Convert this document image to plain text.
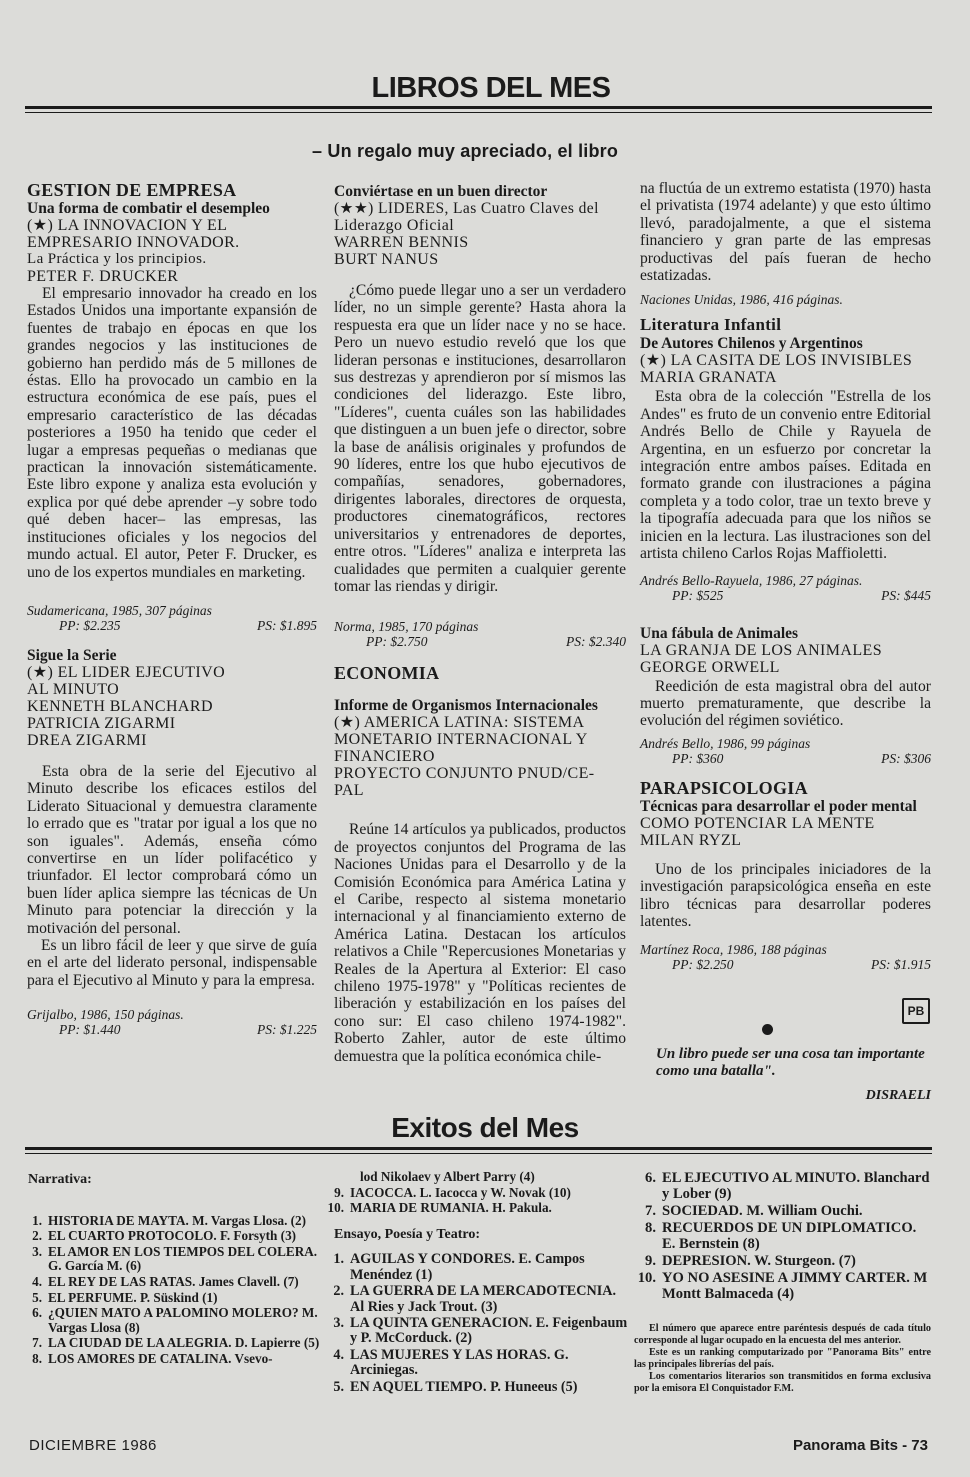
LIBROS DEL MES
– Un regalo muy apreciado, el libro

GESTION DE EMPRESA

Una forma de combatir el desempleo

(★) LA INNOVACION Y EL

EMPRESARIO INNOVADOR.

La Práctica y los principios.

PETER F. DRUCKER

El empresario innovador ha creado en los Estados Unidos una importante expansión de fuentes de trabajo en épocas en que los grandes negocios y las instituciones de gobierno han perdido más de 5 millones de éstas. Ello ha provocado un cambio en la estructura económica de ese país, pues el empresario característico de las décadas posteriores a 1950 ha tenido que ceder el lugar a empresas pequeñas o medianas que practican la innovación sistemáticamente. Este libro expone y analiza esta evolución y explica por qué debe aprender –y sobre todo qué deben hacer– las empresas, las instituciones oficiales y los negocios del mundo actual. El autor, Peter F. Drucker, es uno de los expertos mundiales en marketing.

Sudamericana, 1985, 307 páginas

PP: $2.235	PS: $1.895

Sigue la Serie

(★) EL LIDER EJECUTIVO

AL MINUTO

KENNETH BLANCHARD

PATRICIA ZIGARMI

DREA ZIGARMI

Esta obra de la serie del Ejecutivo al Minuto describe los eficaces estilos del Liderato Situacional y demuestra claramente lo errado que es "tratar por igual a los que no son iguales". Además, enseña cómo convertirse en un líder polifacético y triunfador. El lector comprobará cómo un buen líder aplica siempre las técnicas de Un Minuto para potenciar la dirección y la motivación del personal.

Es un libro fácil de leer y que sirve de guía en el arte del liderato personal, indispensable para el Ejecutivo al Minuto y para la empresa.

Grijalbo, 1986, 150 páginas.

PP: $1.440	PS: $1.225

Conviértase en un buen director

(★★) LIDERES, Las Cuatro Claves del

Liderazgo Oficial

WARREN BENNIS

BURT NANUS

¿Cómo puede llegar uno a ser un verdadero líder, no un simple gerente? Hasta ahora la respuesta era que un líder nace y no se hace. Pero un nuevo estudio reveló que los que lideran personas e instituciones, desarrollaron sus destrezas y aprendieron por sí mismos las condiciones del liderazgo. Este libro, "Líderes", cuenta cuáles son las habilidades que distinguen a un buen jefe o director, sobre la base de análisis originales y profundos de 90 líderes, entre los que hubo ejecutivos de compañías, senadores, gobernadores, dirigentes laborales, directores de orquesta, productores cinematográficos, rectores universitarios y entrenadores de deportes, entre otros. "Líderes" analiza e interpreta las cualidades que permiten a cualquier gerente tomar las riendas y dirigir.

Norma, 1985, 170 páginas

PP: $2.750	PS: $2.340

ECONOMIA

Informe de Organismos Internacionales

(★) AMERICA LATINA: SISTEMA

MONETARIO INTERNACIONAL Y

FINANCIERO

PROYECTO CONJUNTO PNUD/CE-

PAL

Reúne 14 artículos ya publicados, productos de proyectos conjuntos del Programa de las Naciones Unidas para el Desarrollo y de la Comisión Económica para América Latina y el Caribe, respecto al sistema monetario internacional y al financiamiento externo de América Latina. Destacan los artículos relativos a Chile "Repercusiones Monetarias y Reales de la Apertura al Exterior: El caso chileno 1975-1978" y "Políticas recientes de liberación y estabilización en los países del cono sur: El caso chileno 1974-1982". Roberto Zahler, autor de este último demuestra que la política económica chile-

na fluctúa de un extremo estatista (1970) hasta el privatista (1974 adelante) y que esto último llevó, paradojalmente, a que el sistema financiero y gran parte de las empresas productivas del país fueran de hecho estatizadas.

Naciones Unidas, 1986, 416 páginas.

Literatura Infantil

De Autores Chilenos y Argentinos

(★) LA CASITA DE LOS INVISIBLES

MARIA GRANATA

Esta obra de la colección "Estrella de los Andes" es fruto de un convenio entre Editorial Andrés Bello de Chile y Rayuela de Argentina, en un esfuerzo por concretar la integración entre ambos países. Editada en formato grande con ilustraciones a página completa y a todo color, trae un texto breve y la tipografía adecuada para que los niños se inicien en la lectura. Las ilustraciones son del artista chileno Carlos Rojas Maffioletti.

Andrés Bello-Rayuela, 1986, 27 páginas.

PP: $525	PS: $445

Una fábula de Animales

LA GRANJA DE LOS ANIMALES

GEORGE ORWELL

Reedición de esta magistral obra del autor muerto prematuramente, que describe la evolución del régimen soviético.

Andrés Bello, 1986, 99 páginas

PP: $360	PS: $306

PARAPSICOLOGIA

Técnicas para desarrollar el poder mental

COMO POTENCIAR LA MENTE

MILAN RYZL

Uno de los principales iniciadores de la investigación parapsicológica enseña en este libro técnicas para desarrollar poderes latentes.

Martínez Roca, 1986, 188 páginas

PP: $2.250	PS: $1.915
PB
Un libro puede ser una cosa tan importante como una batalla".
DISRAELI
Exitos del Mes

Narrativa:

1. HISTORIA DE MAYTA. M. Vargas Llosa. (2)
2. EL CUARTO PROTOCOLO. F. Forsyth (3)
3. EL AMOR EN LOS TIEMPOS DEL COLERA. G. García M. (6)
4. EL REY DE LAS RATAS. James Clavell. (7)
5. EL PERFUME. P. Süskind (1)
6. ¿QUIEN MATO A PALOMINO MOLERO? M. Vargas Llosa (8)
7. LA CIUDAD DE LA ALEGRIA. D. Lapierre (5)
8. LOS AMORES DE CATALINA. Vsevo-

lod Nikolaev y Albert Parry (4)

9. IACOCCA. L. Iacocca y W. Novak (10)
10. MARIA DE RUMANIA. H. Pakula.

Ensayo, Poesía y Teatro:

1. AGUILAS Y CONDORES. E. Campos Menéndez (1)
2. LA GUERRA DE LA MERCADOTECNIA. Al Ries y Jack Trout. (3)
3. LA QUINTA GENERACION. E. Feigenbaum y P. McCorduck. (2)
4. LAS MUJERES Y LAS HORAS. G. Arciniegas.
5. EN AQUEL TIEMPO. P. Huneeus (5)
6. EL EJECUTIVO AL MINUTO. Blanchard y Lober (9)
7. SOCIEDAD. M. William Ouchi.
8. RECUERDOS DE UN DIPLOMATICO. E. Bernstein (8)
9. DEPRESION. W. Sturgeon. (7)
10. YO NO ASESINE A JIMMY CARTER. M Montt Balmaceda (4)

El número que aparece entre paréntesis después de cada título corresponde al lugar ocupado en la encuesta del mes anterior.

Este es un ranking computarizado por "Panorama Bits" entre las principales librerías del país.

Los comentarios literarios son transmitidos en forma exclusiva por la emisora El Conquistador F.M.

DICIEMBRE 1986	Panorama Bits - 73
